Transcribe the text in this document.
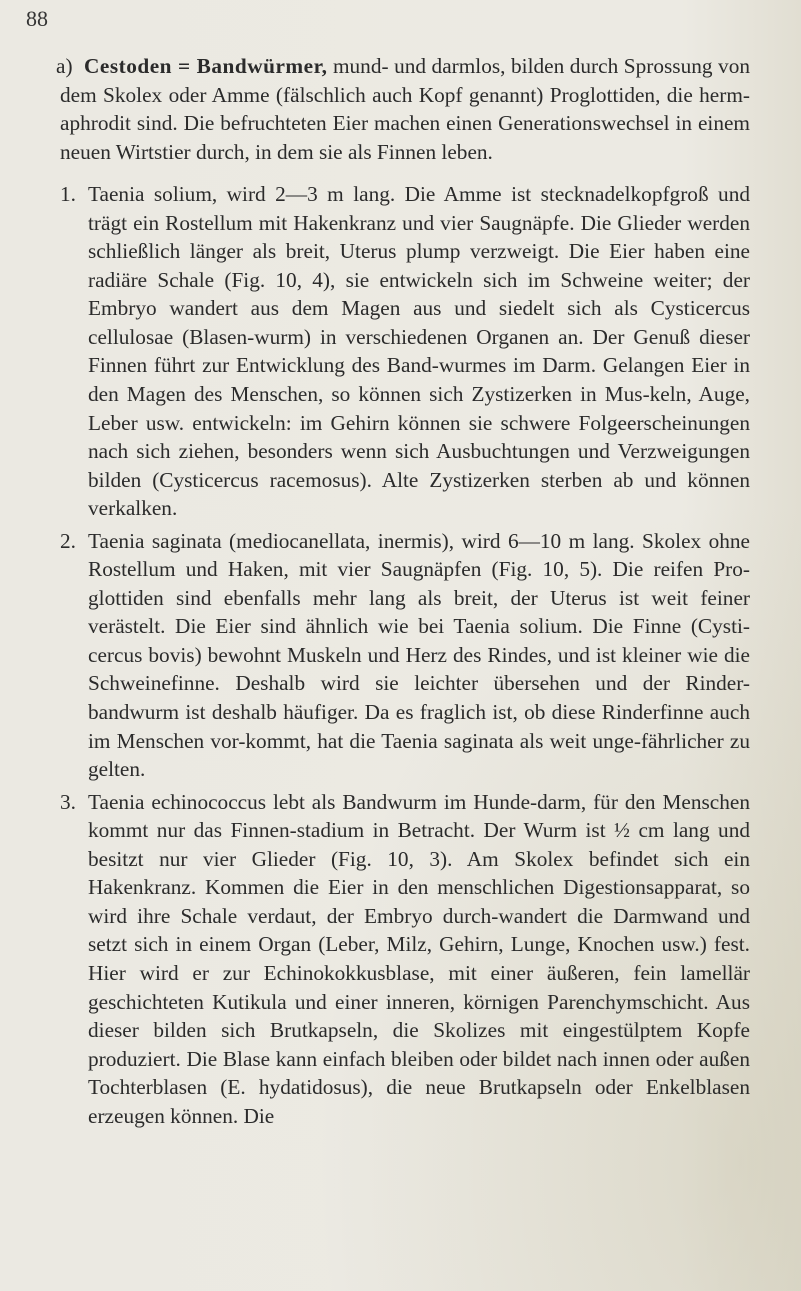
88

a) Cestoden = Bandwürmer, mund- und darmlos, bilden durch Sprossung von dem Skolex oder Amme (fälschlich auch Kopf genannt) Proglottiden, die herm-aphrodit sind. Die befruchteten Eier machen einen Generationswechsel in einem neuen Wirtstier durch, in dem sie als Finnen leben.

1. Taenia solium, wird 2—3 m lang. Die Amme ist stecknadelkopfgroß und trägt ein Rostellum mit Hakenkranz und vier Saugnäpfe. Die Glieder werden schließlich länger als breit, Uterus plump verzweigt. Die Eier haben eine radiäre Schale (Fig. 10, 4), sie entwickeln sich im Schweine weiter; der Embryo wandert aus dem Magen aus und siedelt sich als Cysticercus cellulosae (Blasen-wurm) in verschiedenen Organen an. Der Genuß dieser Finnen führt zur Entwicklung des Band-wurmes im Darm. Gelangen Eier in den Magen des Menschen, so können sich Zystizerken in Mus-keln, Auge, Leber usw. entwickeln: im Gehirn können sie schwere Folgeerscheinungen nach sich ziehen, besonders wenn sich Ausbuchtungen und Verzweigungen bilden (Cysticercus racemosus). Alte Zystizerken sterben ab und können verkalken.

2. Taenia saginata (mediocanellata, inermis), wird 6—10 m lang. Skolex ohne Rostellum und Haken, mit vier Saugnäpfen (Fig. 10, 5). Die reifen Pro-glottiden sind ebenfalls mehr lang als breit, der Uterus ist weit feiner verästelt. Die Eier sind ähnlich wie bei Taenia solium. Die Finne (Cysti-cercus bovis) bewohnt Muskeln und Herz des Rindes, und ist kleiner wie die Schweinefinne. Deshalb wird sie leichter übersehen und der Rinder-bandwurm ist deshalb häufiger. Da es fraglich ist, ob diese Rinderfinne auch im Menschen vor-kommt, hat die Taenia saginata als weit unge-fährlicher zu gelten.

3. Taenia echinococcus lebt als Bandwurm im Hunde-darm, für den Menschen kommt nur das Finnen-stadium in Betracht. Der Wurm ist ½ cm lang und besitzt nur vier Glieder (Fig. 10, 3). Am Skolex befindet sich ein Hakenkranz. Kommen die Eier in den menschlichen Digestionsapparat, so wird ihre Schale verdaut, der Embryo durch-wandert die Darmwand und setzt sich in einem Organ (Leber, Milz, Gehirn, Lunge, Knochen usw.) fest. Hier wird er zur Echinokokkusblase, mit einer äußeren, fein lamellär geschichteten Kutikula und einer inneren, körnigen Parenchymschicht. Aus dieser bilden sich Brutkapseln, die Skolizes mit eingestülptem Kopfe produziert. Die Blase kann einfach bleiben oder bildet nach innen oder außen Tochterblasen (E. hydatidosus), die neue Brutkapseln oder Enkelblasen erzeugen können. Die
